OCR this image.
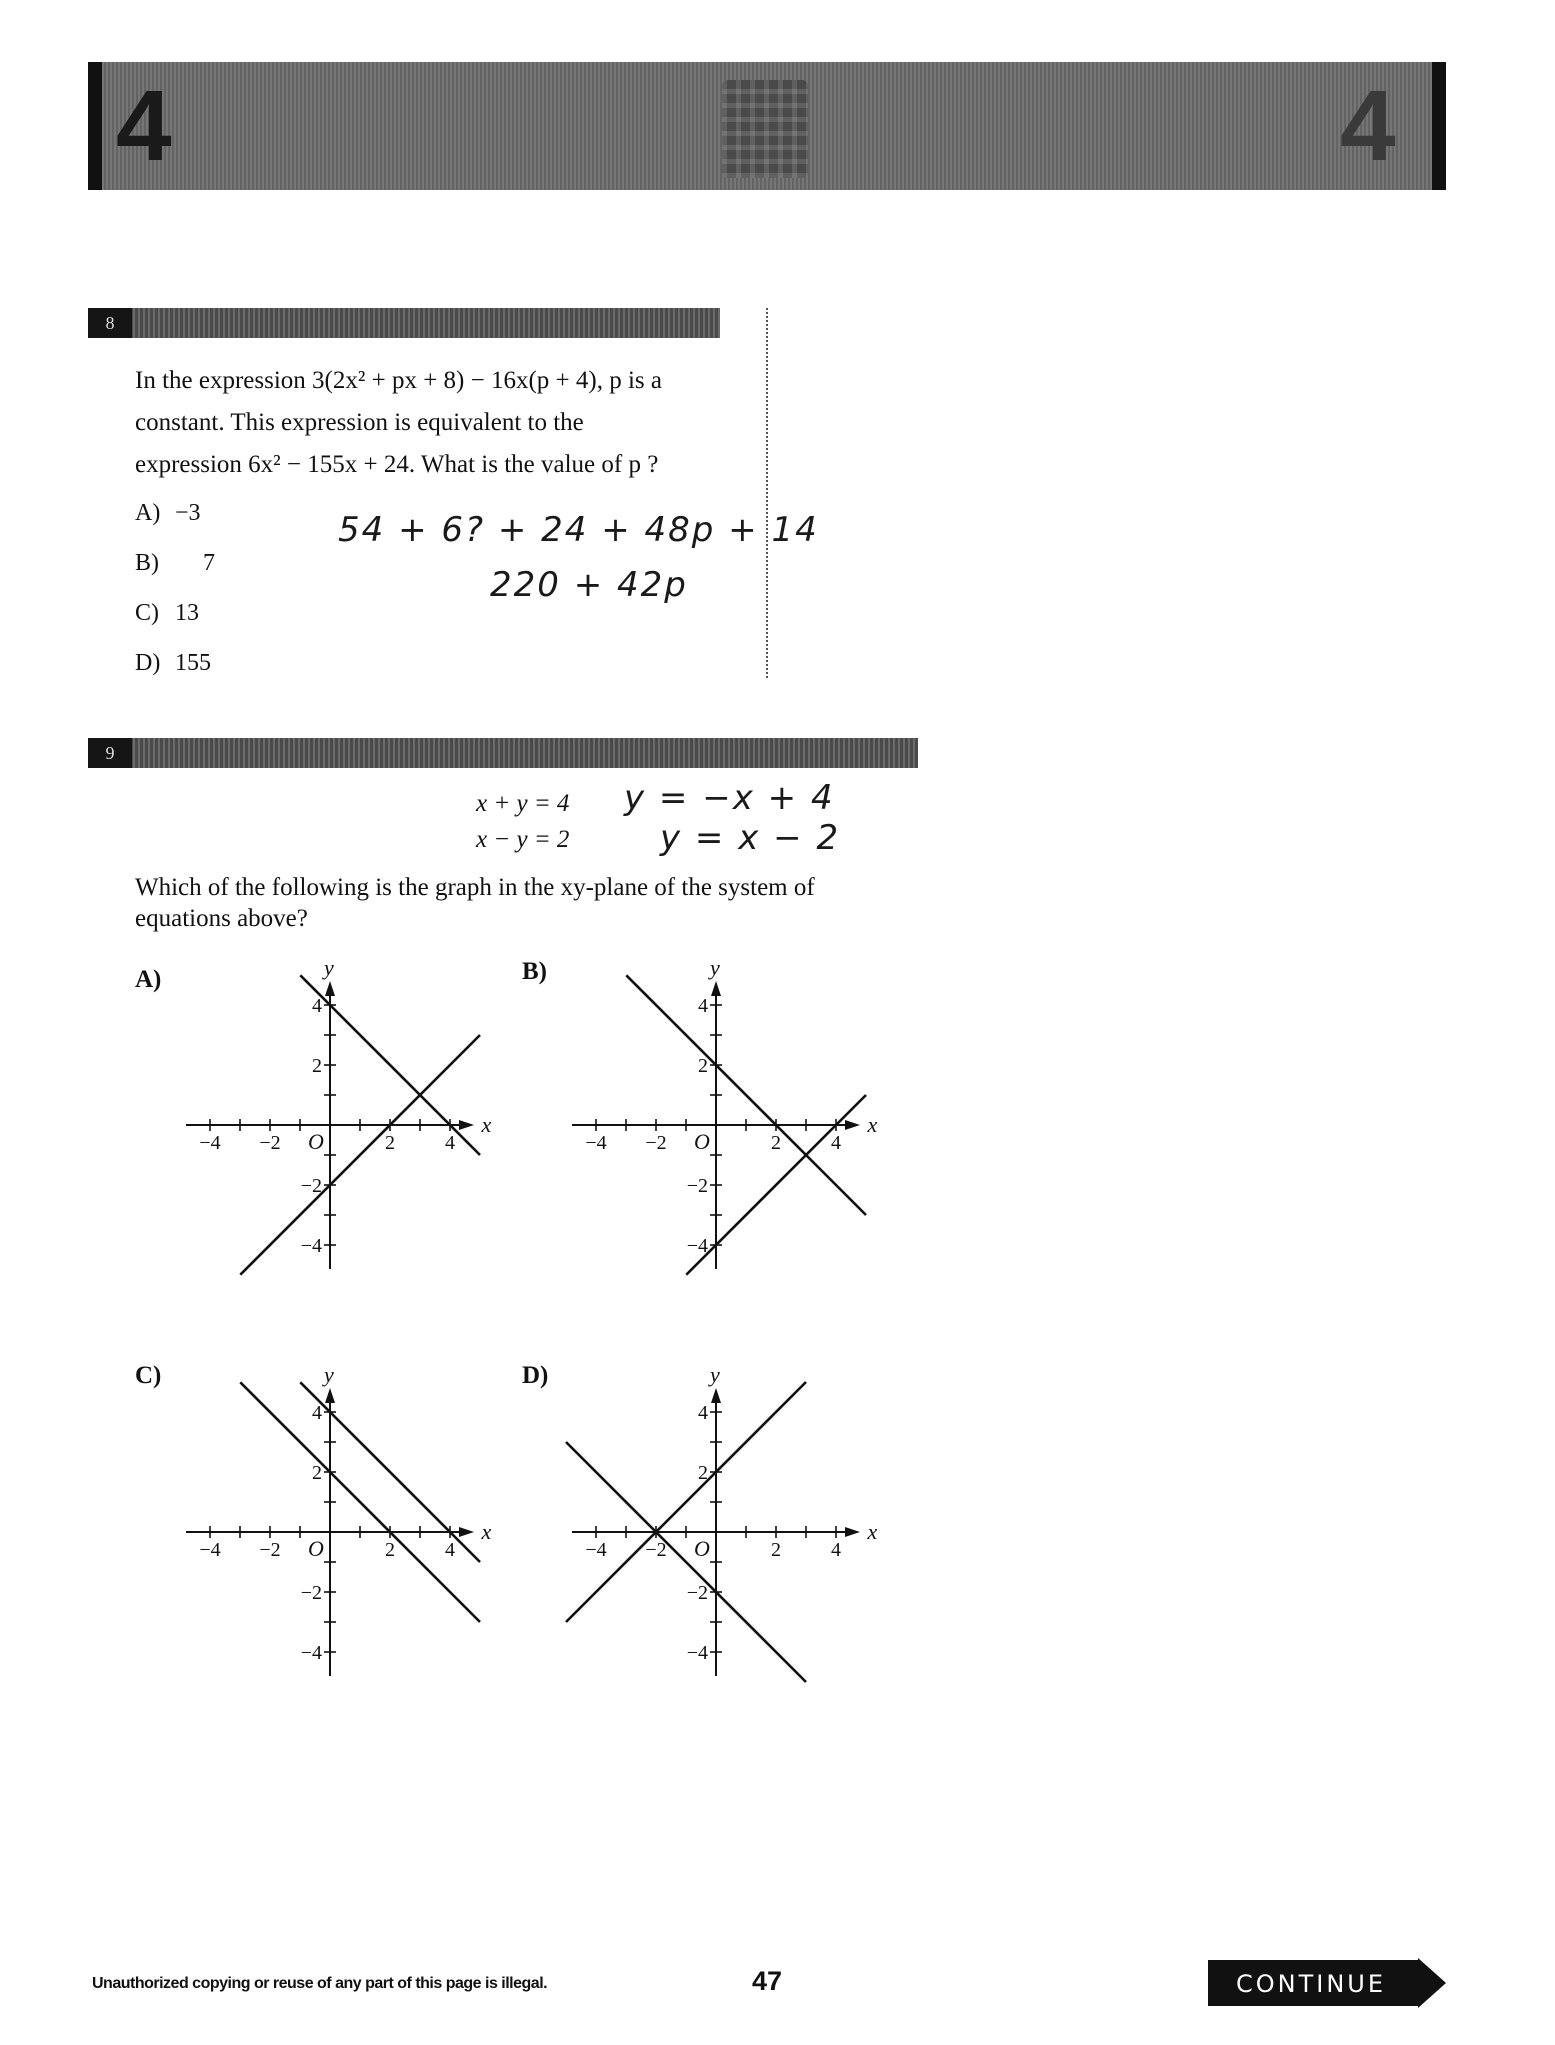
4	4
8
In the expression 3(2x² + px + 8) − 16x(p + 4), p is a
constant. This expression is equivalent to the
expression 6x² − 155x + 24. What is the value of p ?
A) −3
B) 7
C) 13
D) 155
54 + 6? + 24 + 48p + 14
220 + 42p
9
x + y = 4
x − y = 2
y = −x + 4
y = x − 2
Which of the following is the graph in the xy-plane of the system of
equations above?
A)	B)
C)	D)
−4 −2	2	4
4
2
−2
−4
O
x
y
−4 −2	2	4
4
2
−2
−4
O
x
y
−4 −2	2	4
4
2
−2
−4
O
x
y
−4 −2	2	4
4
2
−2
−4
O
x
y
Unauthorized copying or reuse of any part of this page is illegal.	47	CONTINUE
